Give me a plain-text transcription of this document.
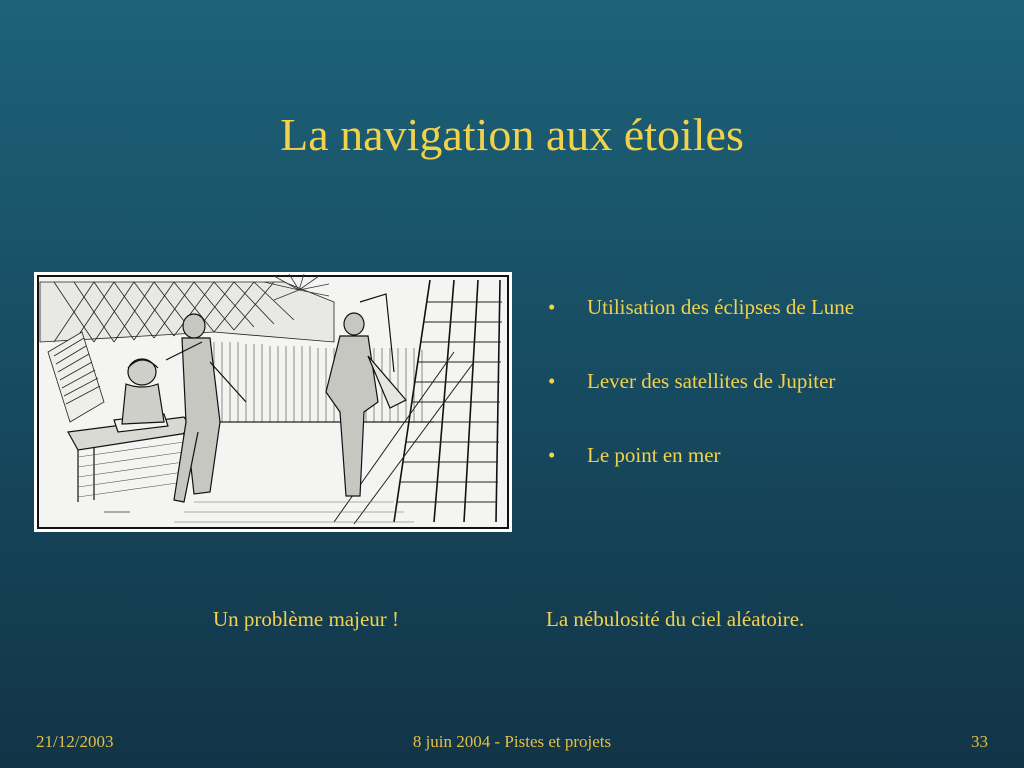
La navigation aux étoiles
• Utilisation des éclipses de Lune
• Lever des satellites de Jupiter
• Le point en mer
Un problème majeur !	La nébulosité du ciel aléatoire.
21/12/2003	8 juin 2004 - Pistes et projets	33
